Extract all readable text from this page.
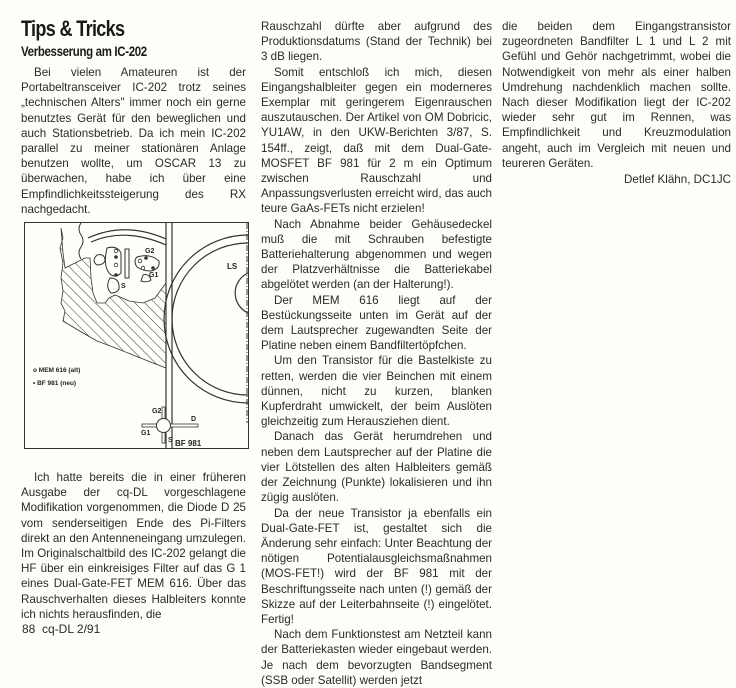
Tips & Tricks
Verbesserung am IC-202

Bei vielen Amateuren ist der Portabeltransceiver IC-202 trotz seines „technischen Alters" immer noch ein gerne benutztes Gerät für den beweglichen und auch Stationsbetrieb. Da ich mein IC-202 parallel zu meiner stationären Anlage benutzen wollte, um OSCAR 13 zu überwachen, habe ich über eine Empfindlichkeitssteigerung des RX nachgedacht.

G2
G1
S
LS
o MEM 616 (alt)
• BF 981 (neu)
G2
D
G1
S BF 981

Ich hatte bereits die in einer früheren Ausgabe der cq-DL vorgeschlagene Modifikation vorgenommen, die Diode D 25 vom senderseitigen Ende des Pi-Filters direkt an den Antenneneingang umzulegen. Im Originalschaltbild des IC-202 gelangt die HF über ein einkreisiges Filter auf das G 1 eines Dual-Gate-FET MEM 616. Über das Rauschverhalten dieses Halbleiters konnte ich nichts herausfinden, die

Rauschzahl dürfte aber aufgrund des Produktionsdatums (Stand der Technik) bei 3 dB liegen.

Somit entschloß ich mich, diesen Eingangshalbleiter gegen ein moderneres Exemplar mit geringerem Eigenrauschen auszutauschen. Der Artikel von OM Dobricic, YU1AW, in den UKW-Berichten 3/87, S. 154ff., zeigt, daß mit dem Dual-Gate-MOSFET BF 981 für 2 m ein Optimum zwischen Rauschzahl und Anpassungsverlusten erreicht wird, das auch teure GaAs-FETs nicht erzielen!

Nach Abnahme beider Gehäusedeckel muß die mit Schrauben befestigte Batteriehalterung abgenommen und wegen der Platzverhältnisse die Batteriekabel abgelötet werden (an der Halterung!).

Der MEM 616 liegt auf der Bestückungsseite unten im Gerät auf der dem Lautsprecher zugewandten Seite der Platine neben einem Bandfiltertöpfchen.

Um den Transistor für die Bastelkiste zu retten, werden die vier Beinchen mit einem dünnen, nicht zu kurzen, blanken Kupferdraht umwickelt, der beim Auslöten gleichzeitig zum Herausziehen dient.

Danach das Gerät herumdrehen und neben dem Lautsprecher auf der Platine die vier Lötstellen des alten Halbleiters gemäß der Zeichnung (Punkte) lokalisieren und ihn zügig auslöten.

Da der neue Transistor ja ebenfalls ein Dual-Gate-FET ist, gestaltet sich die Änderung sehr einfach: Unter Beachtung der nötigen Potentialausgleichsmaßnahmen (MOS-FET!) wird der BF 981 mit der Beschriftungsseite nach unten (!) gemäß der Skizze auf der Leiterbahnseite (!) eingelötet. Fertig!

Nach dem Funktionstest am Netzteil kann der Batteriekasten wieder eingebaut werden. Je nach dem bevorzugten Bandsegment (SSB oder Satellit) werden jetzt

die beiden dem Eingangstransistor zugeordneten Bandfilter L 1 und L 2 mit Gefühl und Gehör nachgetrimmt, wobei die Notwendigkeit von mehr als einer halben Umdrehung nachdenklich machen sollte. Nach dieser Modifikation liegt der IC-202 wieder sehr gut im Rennen, was Empfindlichkeit und Kreuzmodulation angeht, auch im Vergleich mit neuen und teureren Geräten.

Detlef Klähn, DC1JC
88  cq-DL 2/91
